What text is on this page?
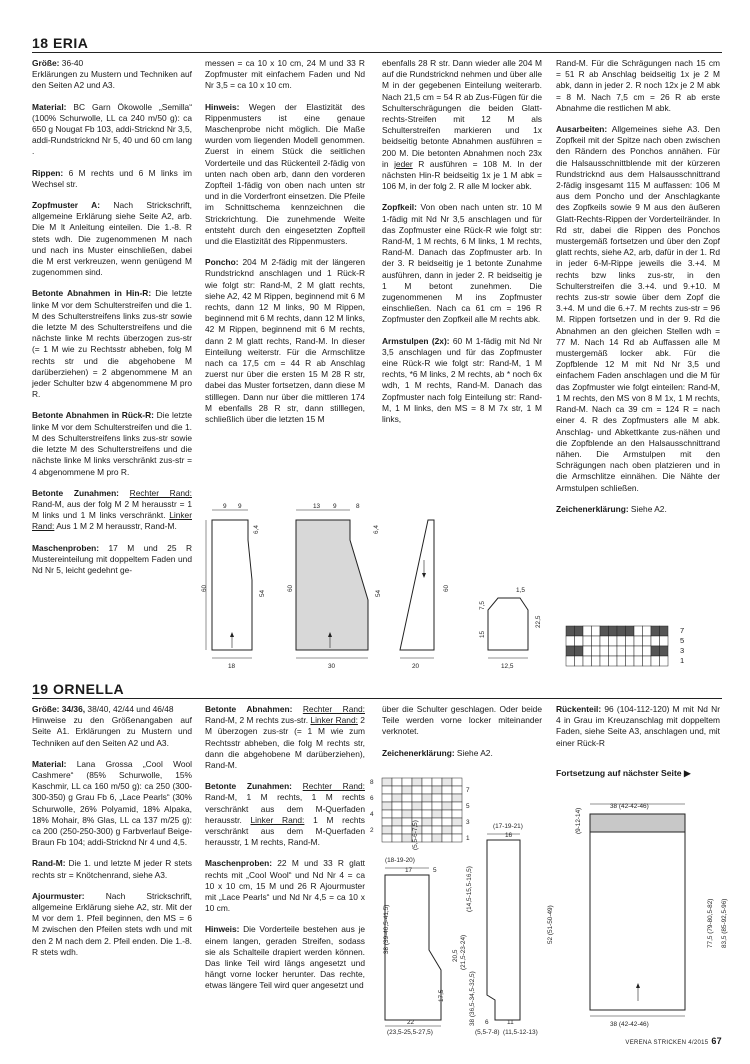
18 ERIA

Größe: 36-40
Erklärungen zu Mustern und Techniken auf den Seiten A2 und A3.

Material: BC Garn Ökowolle „Semilla“ (100% Schurwolle, LL ca 240 m/50 g): ca 650 g Nougat Fb 103, addi-Stricknd Nr 3,5, addi-Rundstricknd Nr 5, 40 und 60 cm lang .

Rippen: 6 M rechts und 6 M links im Wechsel str.

Zopfmuster A: Nach Strickschrift, allgemeine Erklärung siehe Seite A2, arb. Die M lt Anleitung einteilen. Die 1.-8. R stets wdh. Die zugenommenen M nach und nach ins Muster einschließen, dabei die M erst verkreuzen, wenn genügend M zugenommen sind.

Betonte Abnahmen in Hin-R: Die letzte linke M vor dem Schulterstreifen und die 1. M des Schulterstreifens links zus-str sowie die letzte M des Schulterstreifens und die nächste linke M rechts überzogen zus-str (= 1 M wie zu Rechtsstr abheben, folg M rechts str und die abgehobene M darüberziehen) = 2 abgenommene M an jeder Schulter bzw 4 abgenommene M pro R.

Betonte Abnahmen in Rück-R: Die letzte linke M vor dem Schulterstreifen und die 1. M des Schulterstreifens links zus-str sowie die letzte M des Schulterstreifens und die nächste linke M links verschränkt zus-str = 4 abgenommene M pro R.

Betonte Zunahmen: Rechter Rand: Rand-M, aus der folg M 2 M herausstr = 1 M links und 1 M links verschränkt. Linker Rand: Aus 1 M 2 M herausstr, Rand-M.

Maschenproben: 17 M und 25 R Mustereinteilung mit doppeltem Faden und Nd Nr 5, leicht gedehnt ge-

messen = ca 10 x 10 cm, 24 M und 33 R Zopfmuster mit einfachem Faden und Nd Nr 3,5 = ca 10 x 10 cm.

Hinweis: Wegen der Elastizität des Rippenmusters ist eine genaue Maschenprobe nicht möglich. Die Maße wurden vom liegenden Modell genommen. Zuerst in einem Stück die seitlichen Vorderteile und das Rückenteil 2-fädig von unten nach oben arb, dann den vorderen Zopfteil 1-fädig von oben nach unten str und in die Vorderfront einsetzen. Die Pfeile im Schnittschema kennzeichnen die Strickrichtung. Die zunehmende Weite entsteht durch den eingesetzten Zopfteil und die Elastizität des Rippenmusters.

Poncho: 204 M 2-fädig mit der längeren Rundstricknd anschlagen und 1 Rück-R wie folgt str: Rand-M, 2 M glatt rechts, siehe A2, 42 M Rippen, beginnend mit 6 M rechts, dann 12 M links, 90 M Rippen, beginnend mit 6 M rechts, dann 12 M links, 42 M Rippen, beginnend mit 6 M rechts, dann 2 M glatt rechts, Rand-M. In dieser Einteilung weiterstr. Für die Armschlitze nach ca 17,5 cm = 44 R ab Anschlag zuerst nur über die ersten 15 M 28 R str, dabei das Muster fortsetzen, dann diese M stilllegen. Dann nur über die mittleren 174 M ebenfalls 28 R str, dann stilllegen, schließlich über die letzten 15 M

ebenfalls 28 R str. Dann wieder alle 204 M auf die Rundstricknd nehmen und über alle M in der gegebenen Einteilung weiterarb. Nach 21,5 cm = 54 R ab Zus-Fügen für die Schulterschrägungen die beiden Glatt-rechts-Streifen mit 12 M als Schulterstreifen markieren und 1x beidseitig betonte Abnahmen ausführen = 200 M. Die betonten Abnahmen noch 23x in jeder R ausführen = 108 M. In der nächsten Hin-R beidseitig 1x je 1 M abk = 106 M, in der folg 2. R alle M locker abk.

Zopfkeil: Von oben nach unten str. 10 M 1-fädig mit Nd Nr 3,5 anschlagen und für das Zopfmuster eine Rück-R wie folgt str: Rand-M, 1 M rechts, 6 M links, 1 M rechts, Rand-M. Danach das Zopfmuster arb. In der 3. R beidseitig je 1 betonte Zunahme ausführen, dann in jeder 2. R beidseitig je 1 M betont zunehmen. Die zugenommenen M ins Zopfmuster einschließen. Nach ca 61 cm = 196 R Zopfmuster den Zopfkeil alle M rechts abk.

Armstulpen (2x): 60 M 1-fädig mit Nd Nr 3,5 anschlagen und für das Zopfmuster eine Rück-R wie folgt str: Rand-M, 1 M rechts, *6 M links, 2 M rechts, ab * noch 6x wdh, 1 M rechts, Rand-M. Danach das Zopfmuster nach folg Einteilung str: Rand-M, 1 M links, den MS = 8 M 7x str, 1 M links,

Rand-M. Für die Schrägungen nach 15 cm = 51 R ab Anschlag beidseitig 1x je 2 M abk, dann in jeder 2. R noch 12x je 2 M abk = 8 M. Nach 7,5 cm = 26 R ab erste Abnahme die restlichen M abk.

Ausarbeiten: Allgemeines siehe A3. Den Zopfkeil mit der Spitze nach oben zwischen den Rändern des Ponchos annähen. Für die Halsausschnittblende mit der kürzeren Rundstricknd aus dem Halsausschnittrand 2-fädig insgesamt 115 M auffassen: 106 M aus dem Poncho und der Anschlagkante des Zopfkeils sowie 9 M aus den äußeren Glatt-Rechts-Rippen der Vorderteilränder. In Rd str, dabei die Rippen des Ponchos mustergemäß fortsetzen und über den Zopf glatt rechts, siehe A2, arb, dafür in der 1. Rd in jeder 6-M-Rippe jeweils die 3.+4. M rechts bzw links zus-str, in den Schulterstreifen die 3.+4. und 9.+10. M rechts zus-str sowie über dem Zopf die 3.+4. M und die 6.+7. M rechts zus-str = 96 M. Rippen fortsetzen und in der 9. Rd die Abnahmen an den gleichen Stellen wdh = 77 M. Nach 14 Rd ab Auffassen alle M mustergemäß locker abk. Für die Zopfblende 12 M mit Nd Nr 3,5 und einfachem Faden anschlagen und die M für das Zopfmuster wie folgt einteilen: Rand-M, 1 M rechts, den MS von 8 M 1x, 1 M rechts, Rand-M. Nach ca 39 cm = 124 R = nach einer 4. R des Zopfmusters alle M abk. Anschlag- und Abkettkante zus-nähen und die Zopfblende an den Halsausschnittrand nähen. Die Armstulpen mit den Schrägungen nach oben platzieren und in die Armschlitze einnähen. Die Nähte der Armstulpen schließen.

Zeichenerklärung: Siehe A2.

9 9
6,4
60
54
18
13 9	8
6,4
60
54
30
60
20
1,5
7,5
15
22,5
12,5
7
5
3
1
19 ORNELLA

Größe: 34/36, 38/40, 42/44 und 46/48
Hinweise zu den Größenangaben auf Seite A1. Erklärungen zu Mustern und Techniken auf den Seiten A2 und A3.

Material: Lana Grossa „Cool Wool Cashmere“ (85% Schurwolle, 15% Kaschmir, LL ca 160 m/50 g): ca 250 (300-300-350) g Grau Fb 6, „Lace Pearls“ (30% Schurwolle, 26% Polyamid, 18% Alpaka, 18% Mohair, 8% Glas, LL ca 137 m/25 g): ca 200 (250-250-300) g Farbverlauf Beige-Braun Fb 104; addi-Stricknd Nr 4 und 4,5.

Rand-M: Die 1. und letzte M jeder R stets rechts str = Knötchenrand, siehe A3.

Ajourmuster: Nach Strickschrift, allgemeine Erklärung siehe A2, str. Mit der M vor dem 1. Pfeil beginnen, den MS = 6 M zwischen den Pfeilen stets wdh und mit den 2 M nach dem 2. Pfeil enden. Die 1.-8. R stets wdh.

Betonte Abnahmen: Rechter Rand: Rand-M, 2 M rechts zus-str. Linker Rand: 2 M überzogen zus-str (= 1 M wie zum Rechtsstr abheben, die folg M rechts str, dann die abgehobene M darüberziehen), Rand-M.

Betonte Zunahmen: Rechter Rand: Rand-M, 1 M rechts, 1 M rechts verschränkt aus dem M-Querfaden herausstr. Linker Rand: 1 M rechts verschränkt aus dem M-Querfaden herausstr, 1 M rechts, Rand-M.

Maschenproben: 22 M und 33 R glatt rechts mit „Cool Wool“ und Nd Nr 4 = ca 10 x 10 cm, 15 M und 26 R Ajourmuster mit „Lace Pearls“ und Nd Nr 4,5 = ca 10 x 10 cm.

Hinweis: Die Vorderteile bestehen aus je einem langen, geraden Streifen, sodass sie als Schalteile drapiert werden können. Das linke Teil wird längs angesetzt und hängt vorne locker herunter. Das rechte, etwas längere Teil wird quer angesetzt und

über die Schulter geschlagen. Oder beide Teile werden vorne locker miteinander verknotet.

Zeichenerklärung: Siehe A2.

Rückenteil: 96 (104-112-120) M mit Nd Nr 4 in Grau im Kreuzanschlag mit doppeltem Faden, siehe Seite A3, anschlagen und, mit einer Rück-R

Fortsetzung auf nächster Seite ▶
8
6
4
2
7
5
3
1
(18-19-20)
17	5
(5,5-6-7,5)
38 (39-40,5-41,5)
17,5
20,5 (21,5-23-24)
(14,5-15,5-16,5)
38 (36,5-34,5-32,5)
22
(23,5-25,5-27,5)
(17-19-21)
16
52 (51-50-49)
6	11
(5,5-7-8) (11,5-12-13)
38 (42-42-46)
(9-12-14)
77,5 (79-80,5-82) 83,5 (85-92,5-96)
38 (42-42-46)
VERENA STRICKEN 4/2015 67
